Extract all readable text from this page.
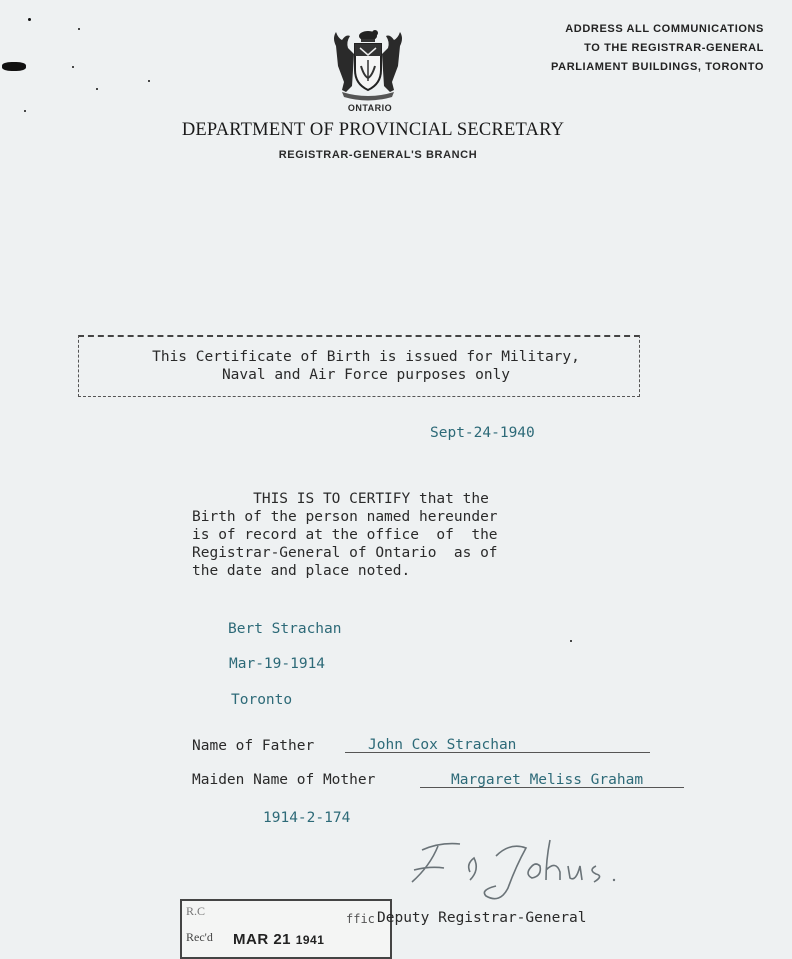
ADDRESS ALL COMMUNICATIONS
TO THE REGISTRAR-GENERAL
PARLIAMENT BUILDINGS, TORONTO
ONTARIO
DEPARTMENT OF PROVINCIAL SECRETARY
REGISTRAR-GENERAL'S BRANCH
This Certificate of Birth is issued for Military,
Naval and Air Force purposes only
Sept-24-1940
THIS IS TO CERTIFY that the
Birth of the person named hereunder
is of record at the office  of  the
Registrar-General of Ontario  as of
the date and place noted.
Bert Strachan
Mar-19-1914
Toronto
Name of Father	John Cox Strachan
Maiden Name of Mother	Margaret Meliss Graham
1914-2-174
R.C
Rec'd MAR 21 1941
ffic Deputy Registrar-General
